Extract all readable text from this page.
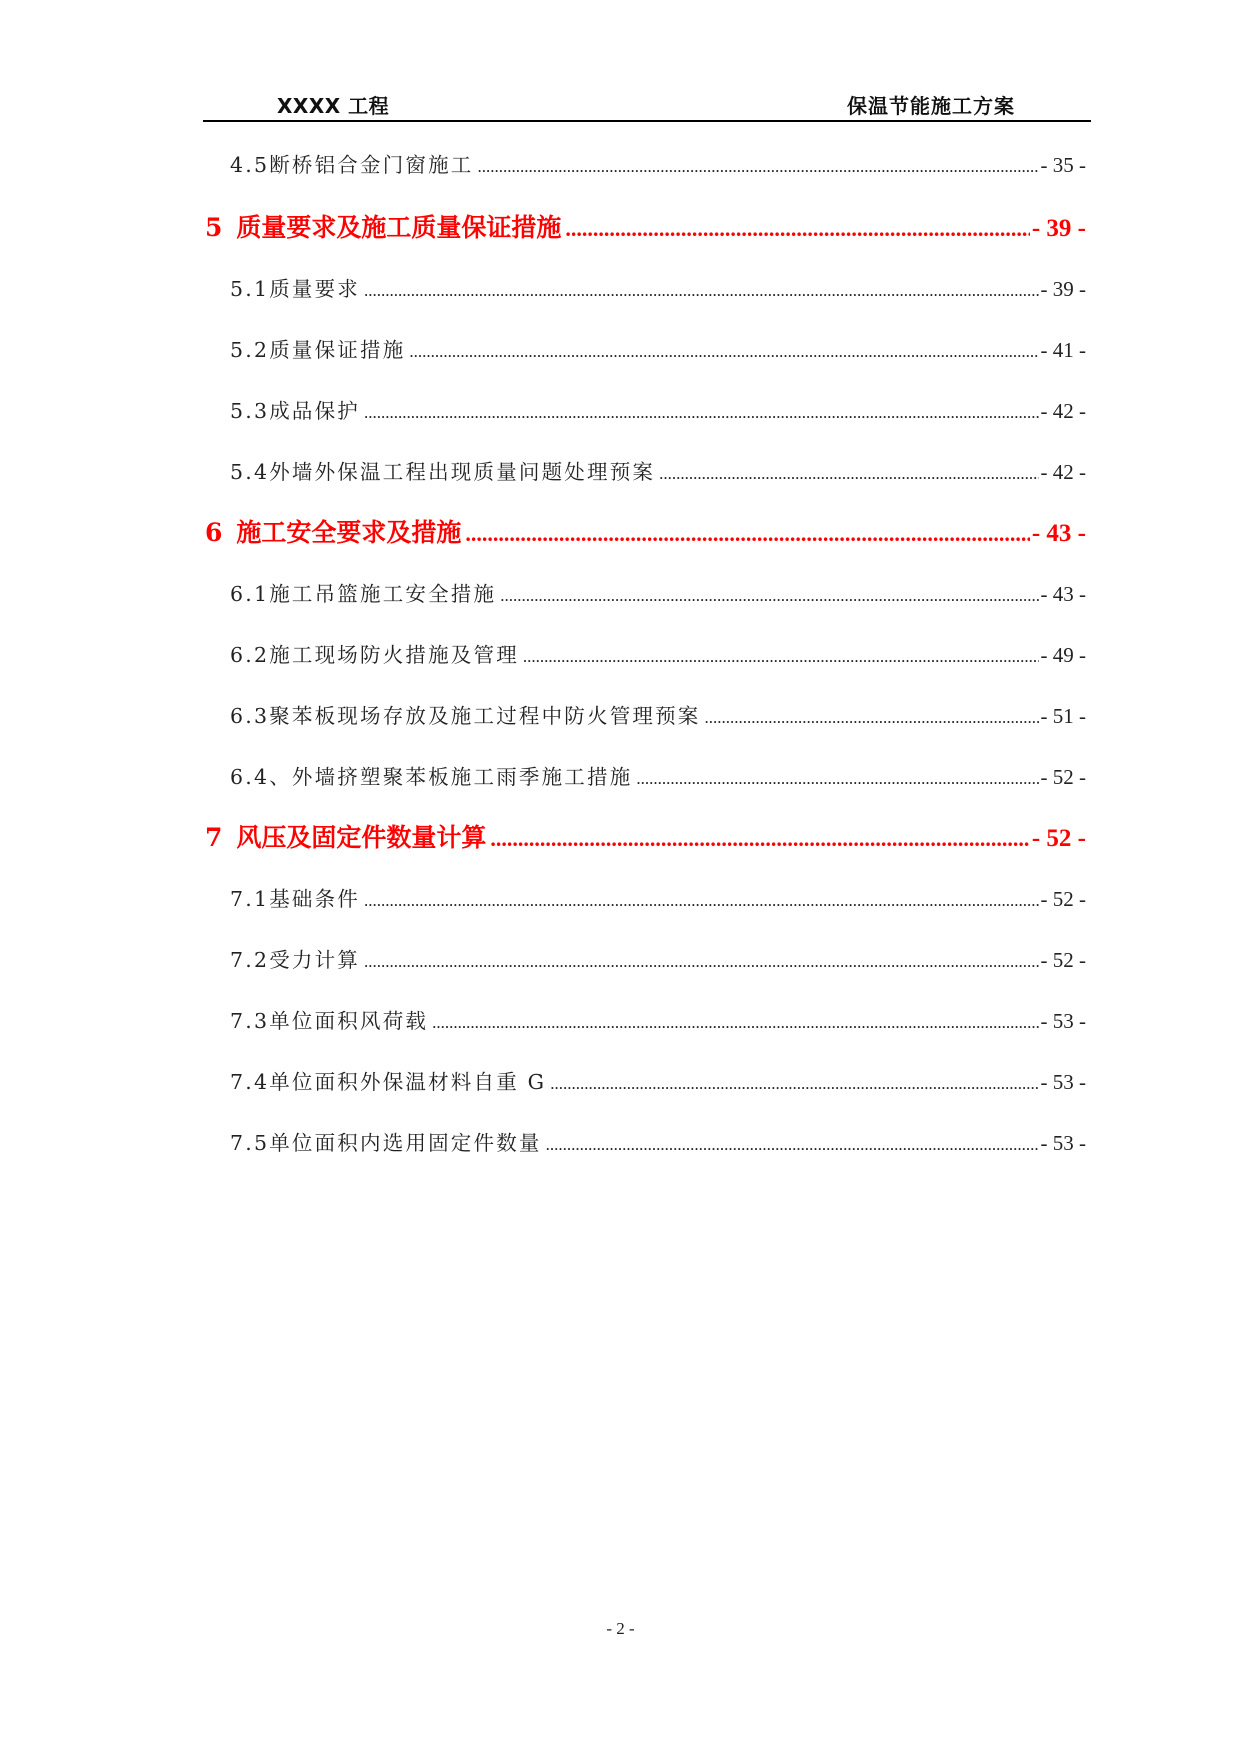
XXXX 工程	保温节能施工方案
4.5 断桥铝合金门窗施工 .....	- 35 -
5 质量要求及施工质量保证措施 .....	- 39 -
5.1 质量要求 .....	- 39 -
5.2 质量保证措施 .....	- 41 -
5.3 成品保护 .....	- 42 -
5.4 外墙外保温工程出现质量问题处理预案 .....	- 42 -
6 施工安全要求及措施 .....	- 43 -
6.1 施工吊篮施工安全措施 .....	- 43 -
6.2 施工现场防火措施及管理 .....	- 49 -
6.3 聚苯板现场存放及施工过程中防火管理预案 .....	- 51 -
6.4 、外墙挤塑聚苯板施工雨季施工措施 .....	- 52 -
7 风压及固定件数量计算 .....	- 52 -
7.1 基础条件 .....	- 52 -
7.2 受力计算 .....	- 52 -
7.3 单位面积风荷载 .....	- 53 -
7.4 单位面积外保温材料自重 G .....	- 53 -
7.5 单位面积内选用固定件数量 .....	- 53 -
- 2 -
